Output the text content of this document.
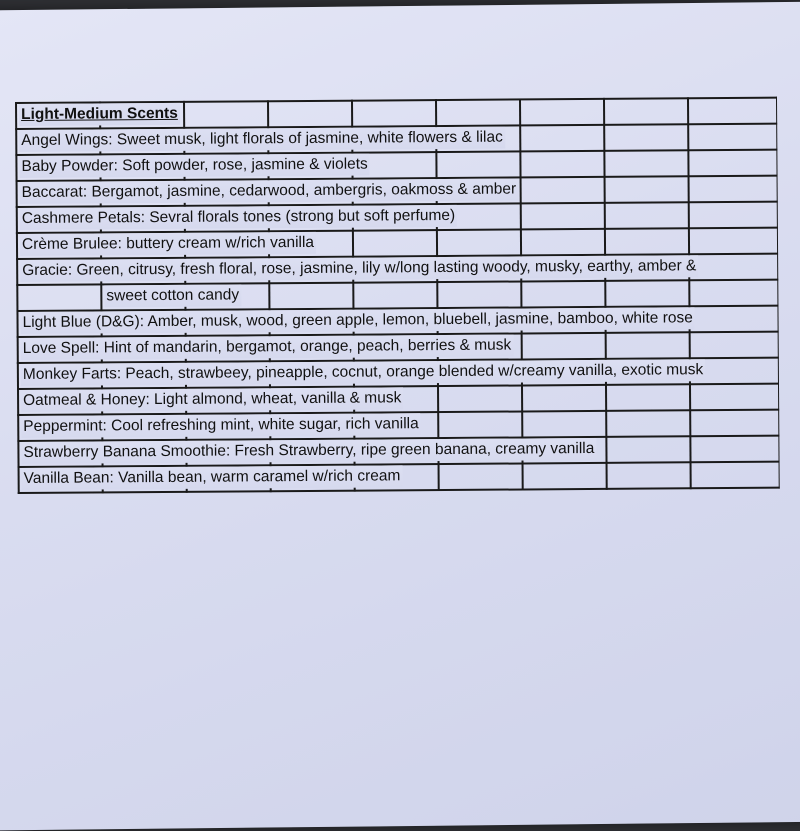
Light-Medium Scents
Angel Wings: Sweet musk, light florals of jasmine, white flowers & lilac
Baby Powder: Soft powder, rose, jasmine & violets
Baccarat: Bergamot, jasmine, cedarwood, ambergris, oakmoss & amber
Cashmere Petals: Sevral florals tones (strong but soft perfume)
Crème Brulee: buttery cream w/rich vanilla
Gracie: Green, citrusy, fresh floral, rose, jasmine, lily w/long lasting woody, musky, earthy, amber &
sweet cotton candy
Light Blue (D&G): Amber, musk, wood, green apple, lemon, bluebell, jasmine, bamboo, white rose
Love Spell: Hint of mandarin, bergamot, orange, peach, berries & musk
Monkey Farts: Peach, strawbeey, pineapple, cocnut, orange blended w/creamy vanilla, exotic musk
Oatmeal & Honey: Light almond, wheat, vanilla & musk
Peppermint: Cool refreshing mint, white sugar, rich vanilla
Strawberry Banana Smoothie: Fresh Strawberry, ripe green banana, creamy vanilla
Vanilla Bean: Vanilla bean, warm caramel w/rich cream
